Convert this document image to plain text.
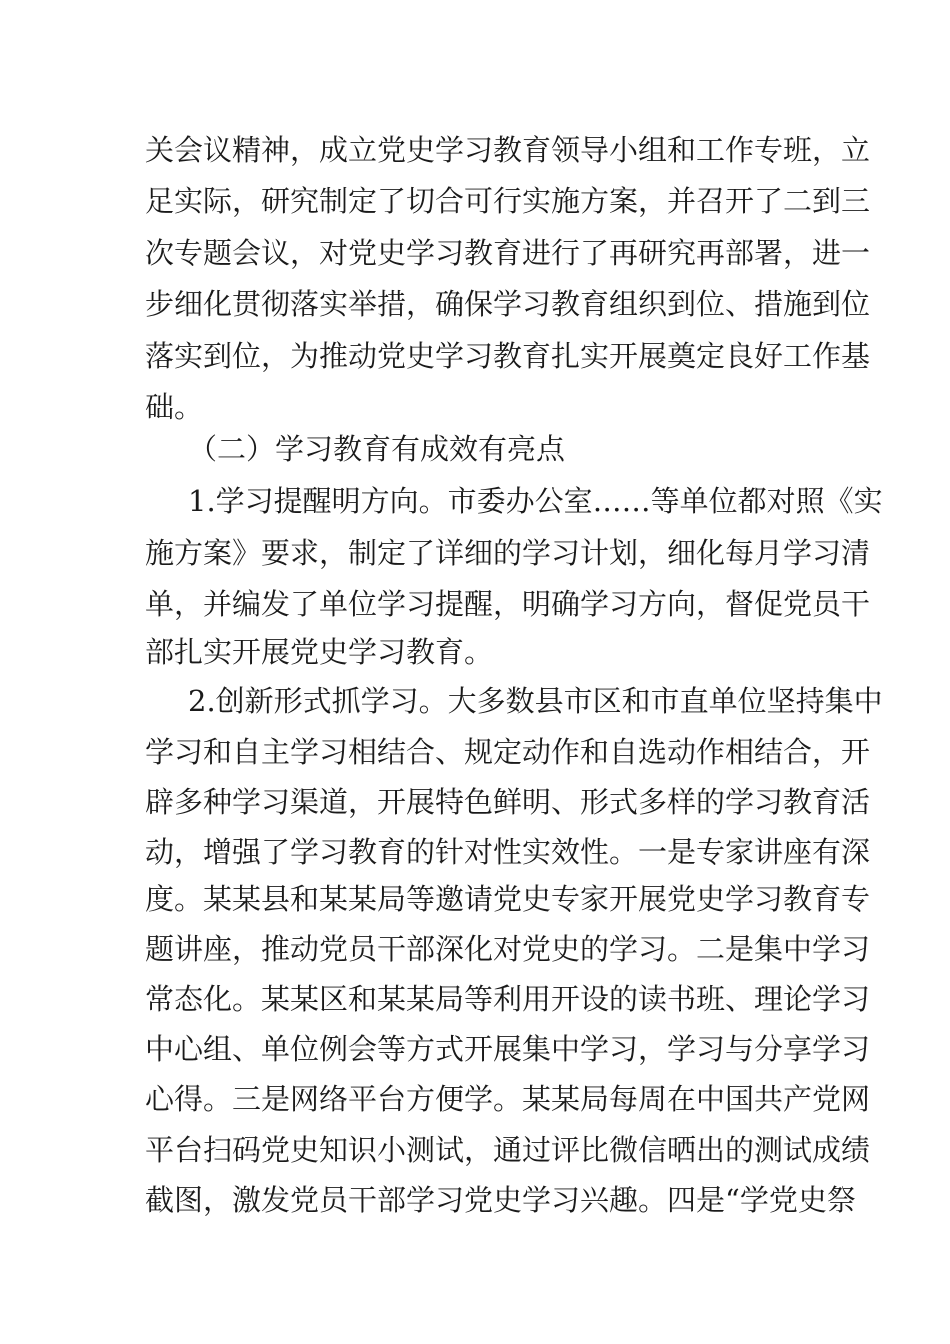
关会议精神，成立党史学习教育领导小组和工作专班，立
足实际，研究制定了切合可行实施方案，并召开了二到三
次专题会议，对党史学习教育进行了再研究再部署，进一
步细化贯彻落实举措，确保学习教育组织到位、措施到位
落实到位，为推动党史学习教育扎实开展奠定良好工作基
础。
（二）学习教育有成效有亮点
1.学习提醒明方向。市委办公室……等单位都对照《实
施方案》要求，制定了详细的学习计划，细化每月学习清
单，并编发了单位学习提醒，明确学习方向，督促党员干
部扎实开展党史学习教育。
2.创新形式抓学习。大多数县市区和市直单位坚持集中
学习和自主学习相结合、规定动作和自选动作相结合，开
辟多种学习渠道，开展特色鲜明、形式多样的学习教育活
动，增强了学习教育的针对性实效性。一是专家讲座有深
度。某某县和某某局等邀请党史专家开展党史学习教育专
题讲座，推动党员干部深化对党史的学习。二是集中学习
常态化。某某区和某某局等利用开设的读书班、理论学习
中心组、单位例会等方式开展集中学习，学习与分享学习
心得。三是网络平台方便学。某某局每周在中国共产党网
平台扫码党史知识小测试，通过评比微信晒出的测试成绩
截图，激发党员干部学习党史学习兴趣。四是“学党史祭
